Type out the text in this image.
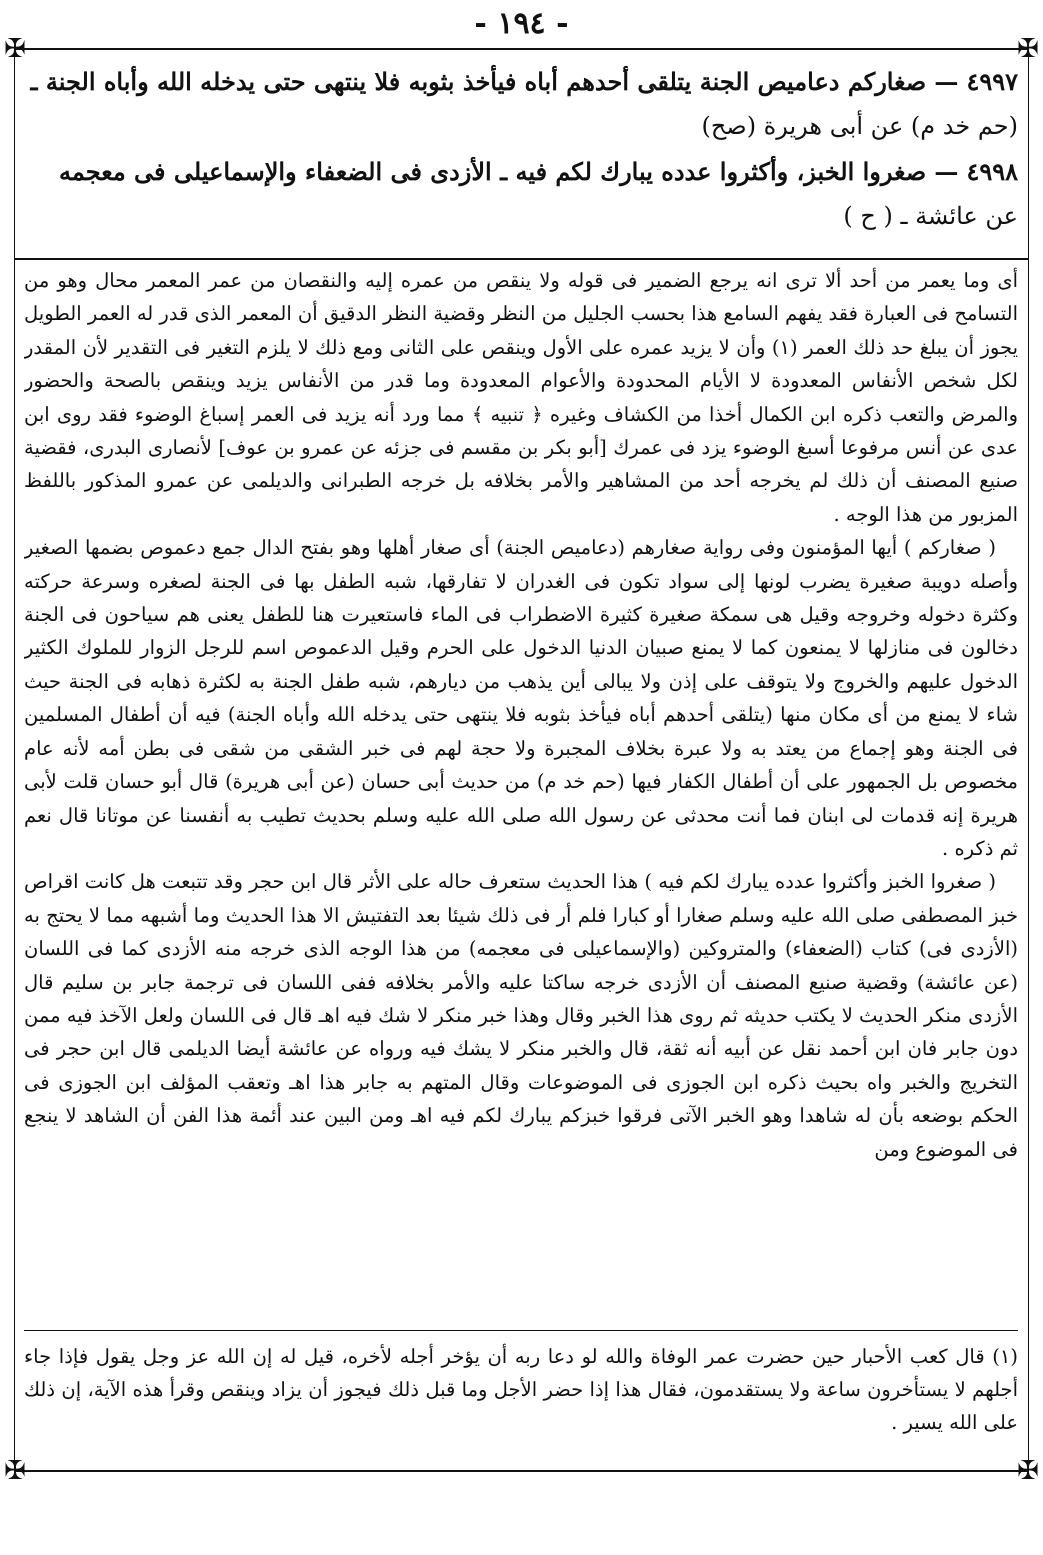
- ١٩٤ -
✠	✠
✠	✠
٤٩٩٧— صغاركم دعاميص الجنة يتلقى أحدهم أباه فيأخذ بثوبه فلا ينتهى حتى يدخله الله وأباه الجنة ـ
(حم خد م) عن أبى هريرة (صح)
٤٩٩٨— صغروا الخبز، وأكثروا عدده يبارك لكم فيه ـ الأزدى فى الضعفاء والإسماعيلى فى معجمه
عن عائشة ـ ( ح )

أى وما يعمر من أحد ألا ترى انه يرجع الضمير فى قوله ولا ينقص من عمره إليه والنقصان من عمر المعمر محال وهو من التسامح فى العبارة فقد يفهم السامع هذا بحسب الجليل من النظر وقضية النظر الدقيق أن المعمر الذى قدر له العمر الطويل يجوز أن يبلغ حد ذلك العمر (١) وأن لا يزيد عمره على الأول وينقص على الثانى ومع ذلك لا يلزم التغير فى التقدير لأن المقدر لكل شخص الأنفاس المعدودة لا الأيام المحدودة والأعوام المعدودة وما قدر من الأنفاس يزيد وينقص بالصحة والحضور والمرض والتعب ذكره ابن الكمال أخذا من الكشاف وغيره ﴿ تنبيه ﴾ مما ورد أنه يزيد فى العمر إسباغ الوضوء فقد روى ابن عدى عن أنس مرفوعا أسبغ الوضوء يزد فى عمرك [أبو بكر بن مقسم فى جزئه عن عمرو بن عوف] لأنصارى البدرى، فقضية صنيع المصنف أن ذلك لم يخرجه أحد من المشاهير والأمر بخلافه بل خرجه الطبرانى والديلمى عن عمرو المذكور باللفظ المزبور من هذا الوجه .

( صغاركم ) أيها المؤمنون وفى رواية صغارهم (دعاميص الجنة) أى صغار أهلها وهو بفتح الدال جمع دعموص بضمها الصغير وأصله دويبة صغيرة يضرب لونها إلى سواد تكون فى الغدران لا تفارقها، شبه الطفل بها فى الجنة لصغره وسرعة حركته وكثرة دخوله وخروجه وقيل هى سمكة صغيرة كثيرة الاضطراب فى الماء فاستعيرت هنا للطفل يعنى هم سياحون فى الجنة دخالون فى منازلها لا يمنعون كما لا يمنع صبيان الدنيا الدخول على الحرم وقيل الدعموص اسم للرجل الزوار للملوك الكثير الدخول عليهم والخروج ولا يتوقف على إذن ولا يبالى أين يذهب من ديارهم، شبه طفل الجنة به لكثرة ذهابه فى الجنة حيث شاء لا يمنع من أى مكان منها (يتلقى أحدهم أباه فيأخذ بثوبه فلا ينتهى حتى يدخله الله وأباه الجنة) فيه أن أطفال المسلمين فى الجنة وهو إجماع من يعتد به ولا عبرة بخلاف المجبرة ولا حجة لهم فى خبر الشقى من شقى فى بطن أمه لأنه عام مخصوص بل الجمهور على أن أطفال الكفار فيها (حم خد م) من حديث أبى حسان (عن أبى هريرة) قال أبو حسان قلت لأبى هريرة إنه قدمات لى ابنان فما أنت محدثى عن رسول الله صلى الله عليه وسلم بحديث تطيب به أنفسنا عن موتانا قال نعم ثم ذكره .

( صغروا الخبز وأكثروا عدده يبارك لكم فيه ) هذا الحديث ستعرف حاله على الأثر قال ابن حجر وقد تتبعت هل كانت اقراص خبز المصطفى صلى الله عليه وسلم صغارا أو كبارا فلم أر فى ذلك شيئا بعد التفتيش الا هذا الحديث وما أشبهه مما لا يحتج به (الأزدى فى) كتاب (الضعفاء) والمتروكين (والإسماعيلى فى معجمه) من هذا الوجه الذى خرجه منه الأزدى كما فى اللسان (عن عائشة) وقضية صنيع المصنف أن الأزدى خرجه ساكتا عليه والأمر بخلافه ففى اللسان فى ترجمة جابر بن سليم قال الأزدى منكر الحديث لا يكتب حديثه ثم روى هذا الخبر وقال وهذا خبر منكر لا شك فيه اهـ قال فى اللسان ولعل الآخذ فيه ممن دون جابر فان ابن أحمد نقل عن أبيه أنه ثقة، قال والخبر منكر لا يشك فيه ورواه عن عائشة أيضا الديلمى قال ابن حجر فى التخريج والخبر واه بحيث ذكره ابن الجوزى فى الموضوعات وقال المتهم به جابر هذا اهـ وتعقب المؤلف ابن الجوزى فى الحكم بوضعه بأن له شاهدا وهو الخبر الآتى فرقوا خبزكم يبارك لكم فيه اهـ ومن البين عند أئمة هذا الفن أن الشاهد لا ينجع فى الموضوع ومن

(١) قال كعب الأحبار حين حضرت عمر الوفاة والله لو دعا ربه أن يؤخر أجله لأخره، قيل له إن الله عز وجل يقول فإذا جاء أجلهم لا يستأخرون ساعة ولا يستقدمون، فقال هذا إذا حضر الأجل وما قبل ذلك فيجوز أن يزاد وينقص وقرأ هذه الآية، إن ذلك على الله يسير .
